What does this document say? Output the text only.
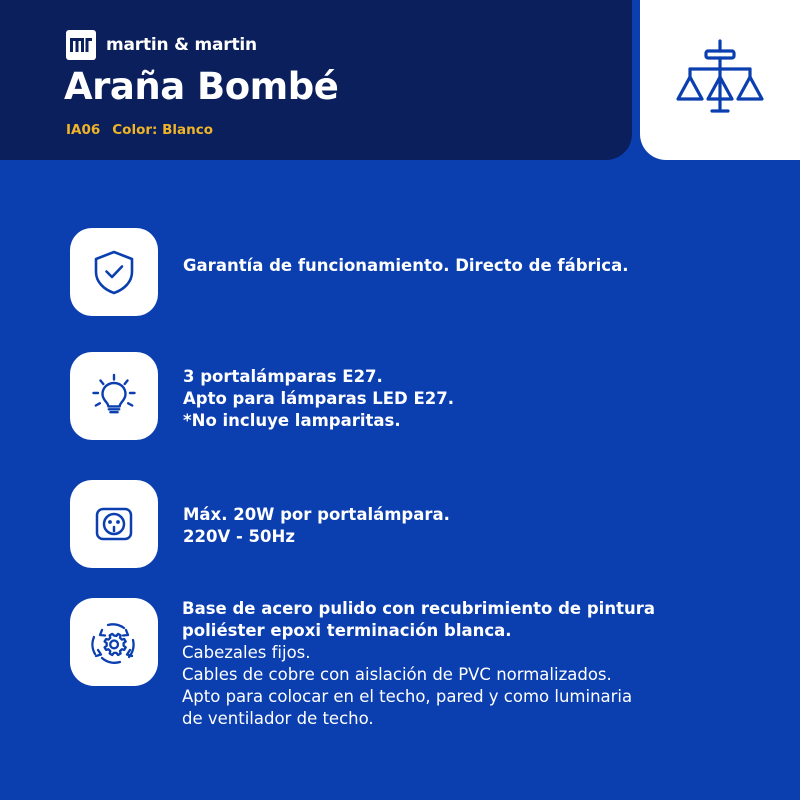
martin & martin
Araña Bombé
IA06 Color: Blanco
Garantía de funcionamiento. Directo de fábrica.
3 portalámparas E27.
Apto para lámparas LED E27.
*No incluye lamparitas.
Máx. 20W por portalámpara.
220V - 50Hz
Base de acero pulido con recubrimiento de pintura
poliéster epoxi terminación blanca.
Cabezales fijos.
Cables de cobre con aislación de PVC normalizados.
Apto para colocar en el techo, pared y como luminaria
de ventilador de techo.
